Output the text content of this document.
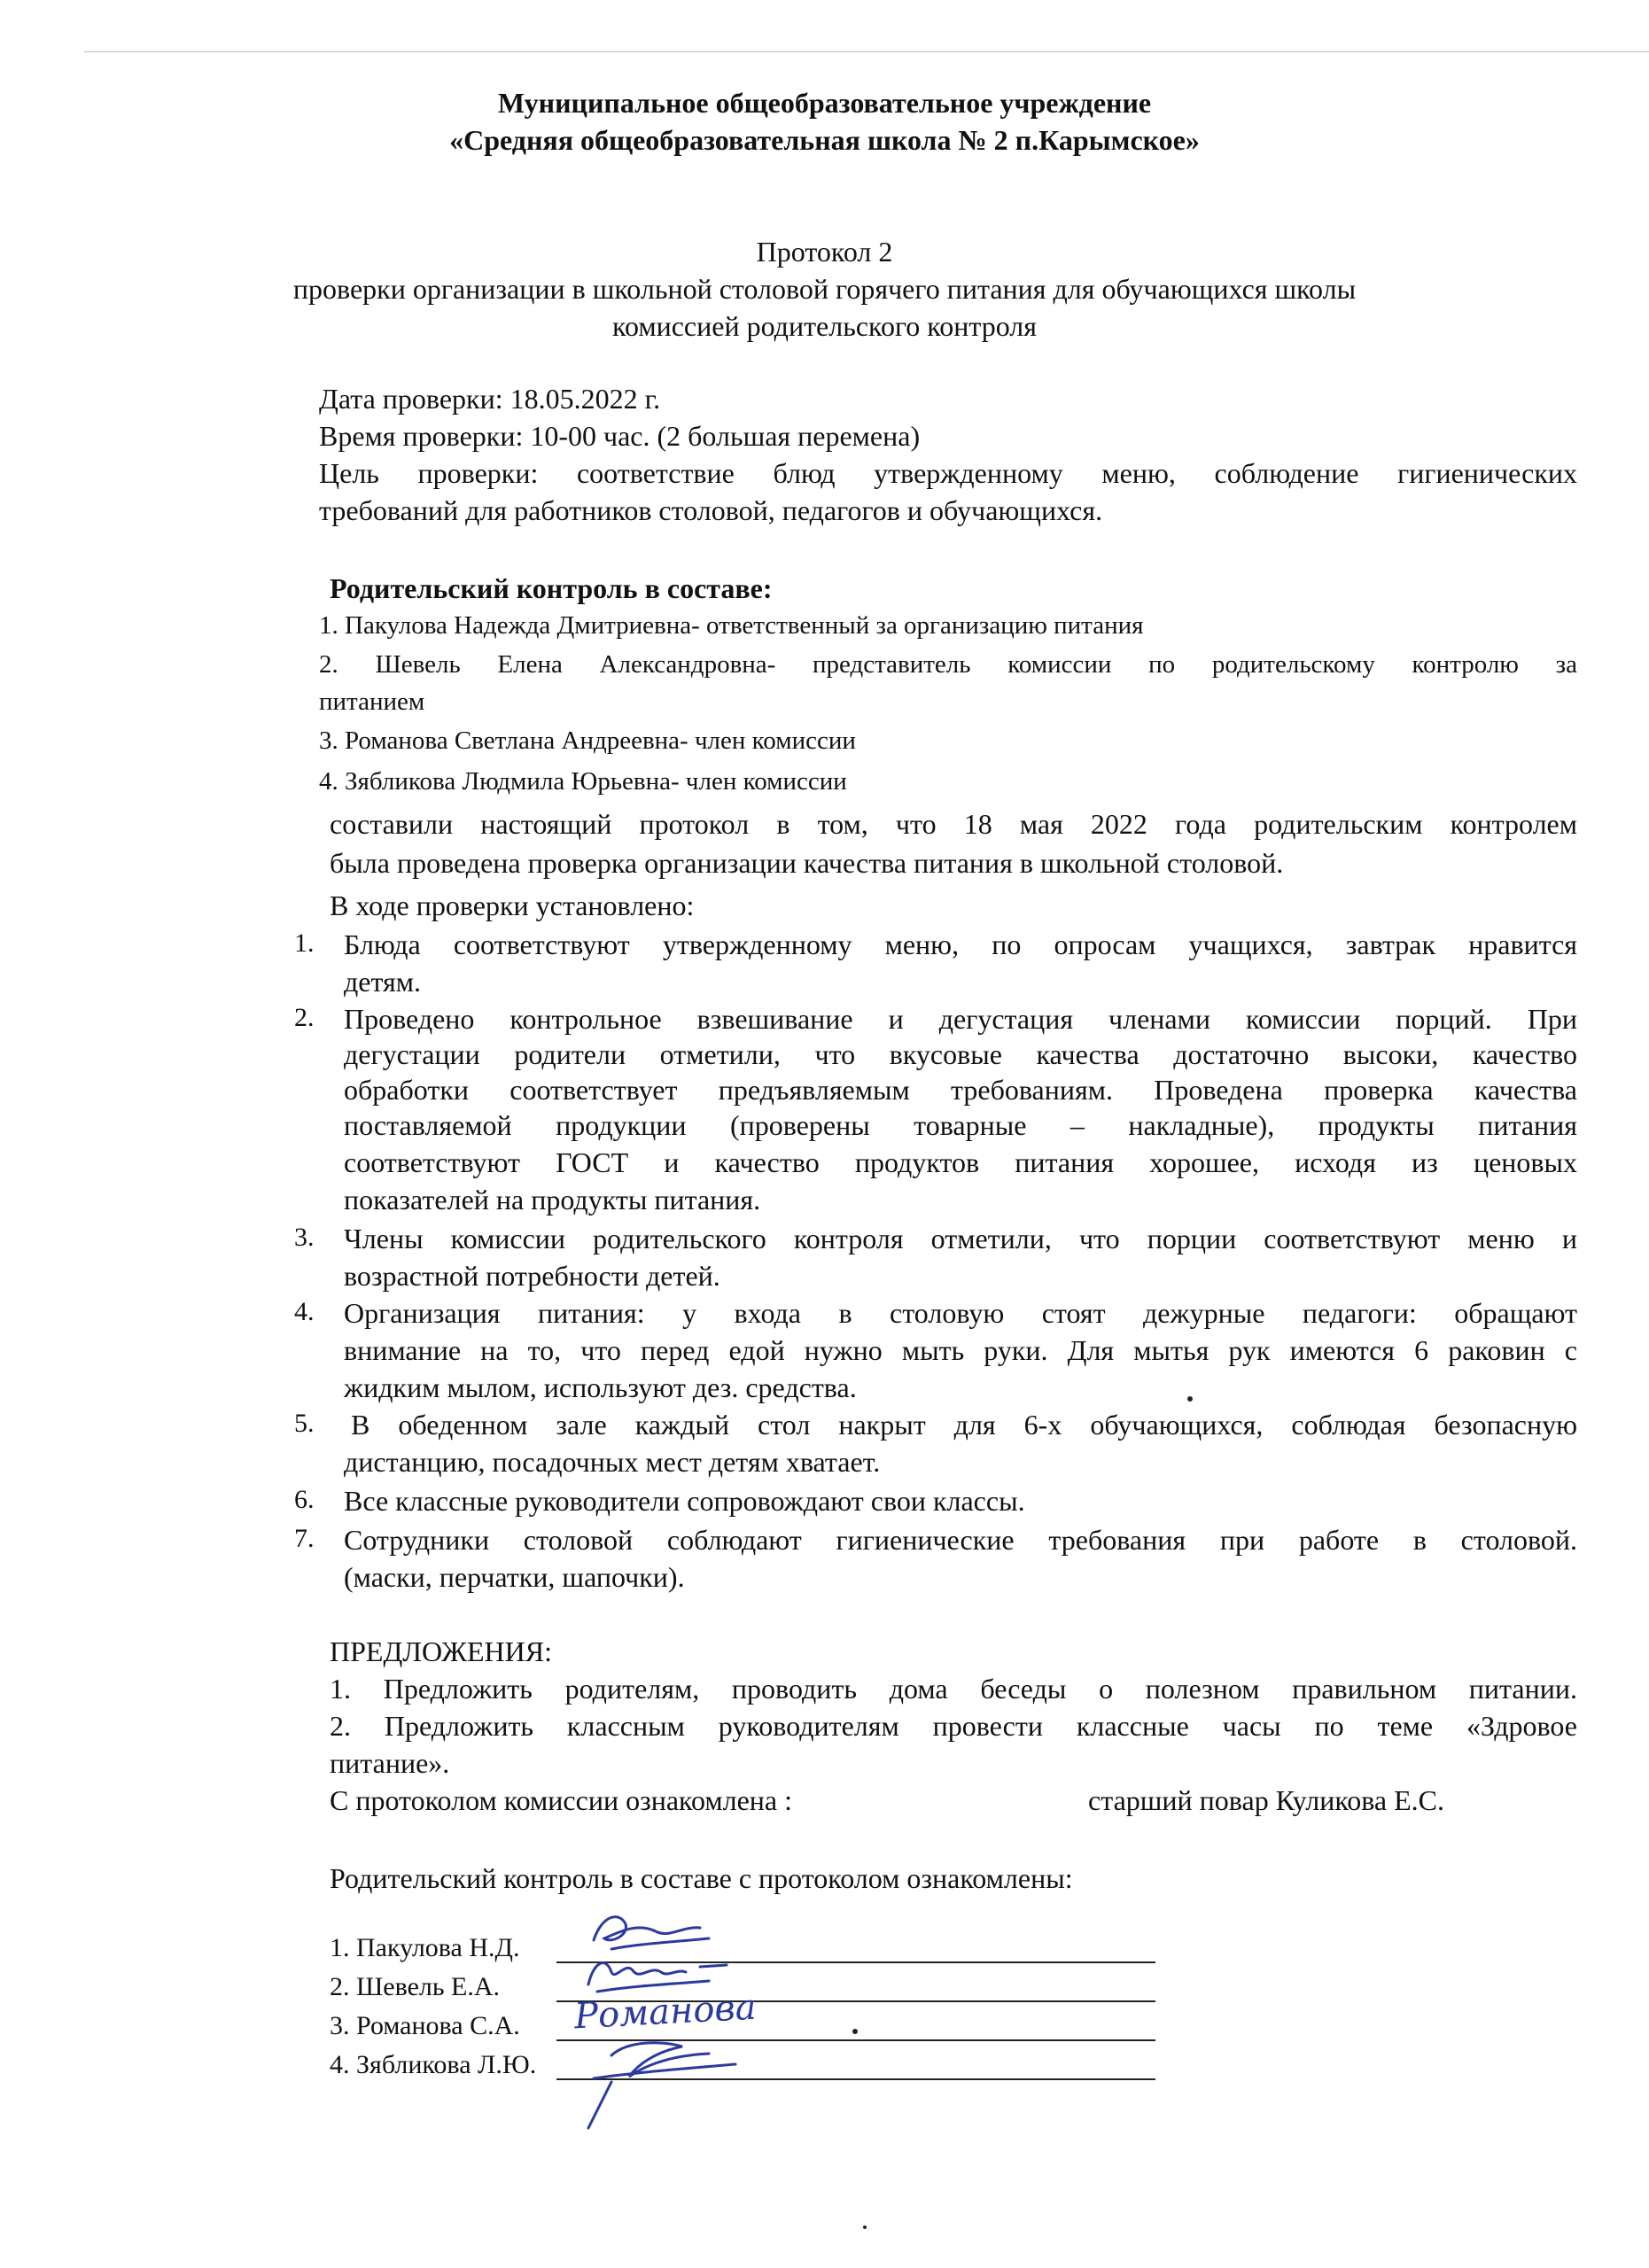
Муниципальное общеобразовательное учреждение
«Средняя общеобразовательная школа № 2 п.Карымское»
Протокол 2
проверки организации в школьной столовой горячего питания для обучающихся школы
комиссией родительского контроля
Дата проверки: 18.05.2022 г.
Время проверки: 10-00 час. (2 большая перемена)
Цель проверки: соответствие блюд утвержденному меню, соблюдение гигиенических
требований для работников столовой, педагогов и обучающихся.
Родительский контроль в составе:
1. Пакулова Надежда Дмитриевна- ответственный за организацию питания
2. Шевель Елена Александровна- представитель комиссии по родительскому контролю за
питанием
3. Романова Светлана Андреевна- член комиссии
4. Зябликова Людмила Юрьевна- член комиссии
составили настоящий протокол в том, что 18 мая 2022 года родительским контролем
была проведена проверка организации качества питания в школьной столовой.
В ходе проверки установлено:
1. Блюда соответствуют утвержденному меню, по опросам учащихся, завтрак нравится
детям.
2. Проведено контрольное взвешивание и дегустация членами комиссии порций. При
дегустации родители отметили, что вкусовые качества достаточно высоки, качество
обработки соответствует предъявляемым требованиям. Проведена проверка качества
поставляемой продукции (проверены товарные – накладные), продукты питания
соответствуют ГОСТ и качество продуктов питания хорошее, исходя из ценовых
показателей на продукты питания.
3. Члены комиссии родительского контроля отметили, что порции соответствуют меню и
возрастной потребности детей.
4. Организация питания: у входа в столовую стоят дежурные педагоги: обращают
внимание на то, что перед едой нужно мыть руки. Для мытья рук имеются 6 раковин с
жидким мылом, используют дез. средства.
5. В обеденном зале каждый стол накрыт для 6-х обучающихся, соблюдая безопасную
дистанцию, посадочных мест детям хватает.
6. Все классные руководители сопровождают свои классы.
7. Сотрудники столовой соблюдают гигиенические требования при работе в столовой.
(маски, перчатки, шапочки).
ПРЕДЛОЖЕНИЯ:
1. Предложить родителям, проводить дома беседы о полезном правильном питании.
2. Предложить классным руководителям провести классные часы по теме «Здровое
питание».
С протоколом комиссии ознакомлена :	старший повар Куликова Е.С.
Родительский контроль в составе с протоколом ознакомлены:
1. Пакулова Н.Д.
2. Шевель Е.А.
3. Романова С.А. Романова
4. Зябликова Л.Ю.
